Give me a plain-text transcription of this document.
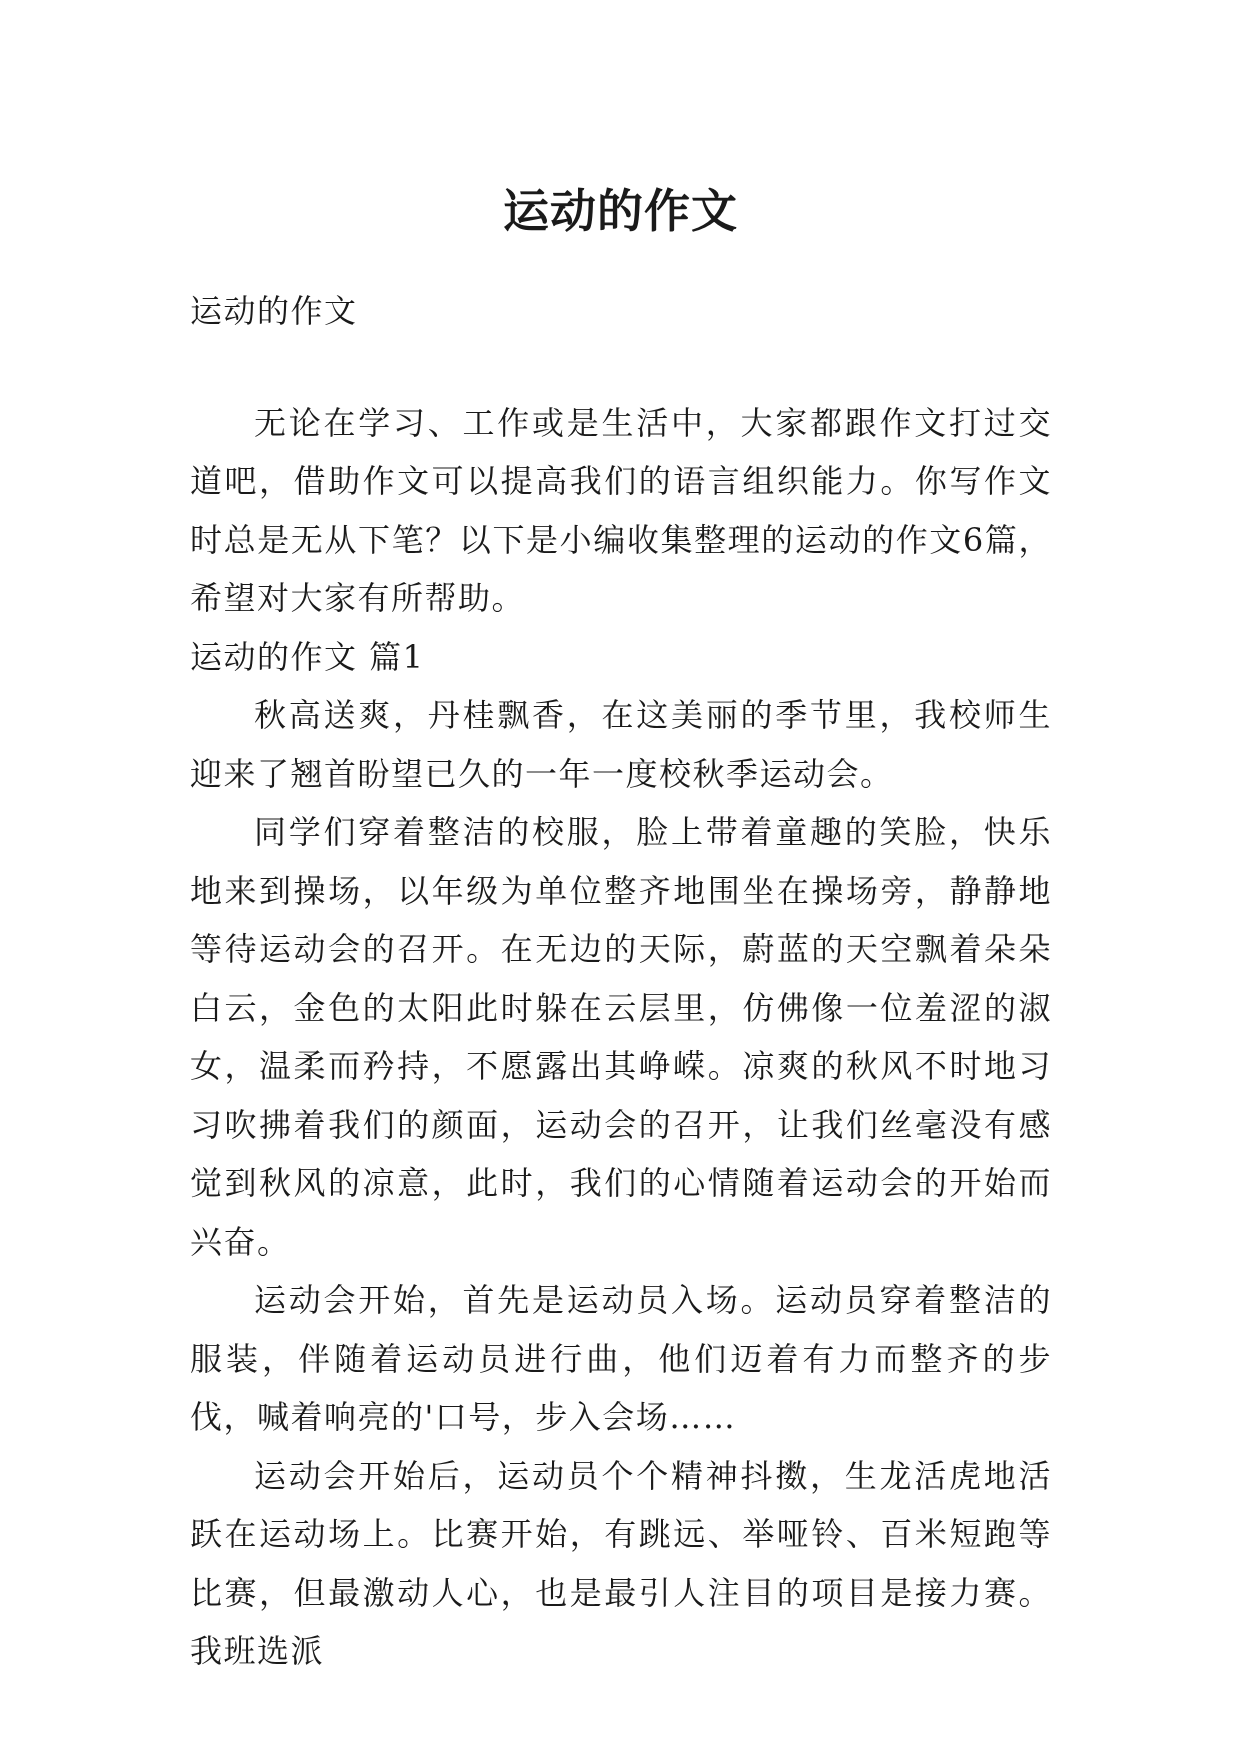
运动的作文

运动的作文

无论在学习、工作或是生活中，大家都跟作文打过交道吧，借助作文可以提高我们的语言组织能力。你写作文时总是无从下笔？以下是小编收集整理的运动的作文6篇，希望对大家有所帮助。

运动的作文 篇1

秋高送爽，丹桂飘香，在这美丽的季节里，我校师生迎来了翘首盼望已久的一年一度校秋季运动会。

同学们穿着整洁的校服，脸上带着童趣的笑脸，快乐地来到操场，以年级为单位整齐地围坐在操场旁，静静地等待运动会的召开。在无边的天际，蔚蓝的天空飘着朵朵白云，金色的太阳此时躲在云层里，仿佛像一位羞涩的淑女，温柔而矜持，不愿露出其峥嵘。凉爽的秋风不时地习习吹拂着我们的颜面，运动会的召开，让我们丝毫没有感觉到秋风的凉意，此时，我们的心情随着运动会的开始而兴奋。

运动会开始，首先是运动员入场。运动员穿着整洁的服装，伴随着运动员进行曲，他们迈着有力而整齐的步伐，喊着响亮的'口号，步入会场……

运动会开始后，运动员个个精神抖擞，生龙活虎地活跃在运动场上。比赛开始，有跳远、举哑铃、百米短跑等比赛，但最激动人心，也是最引人注目的项目是接力赛。我班选派
